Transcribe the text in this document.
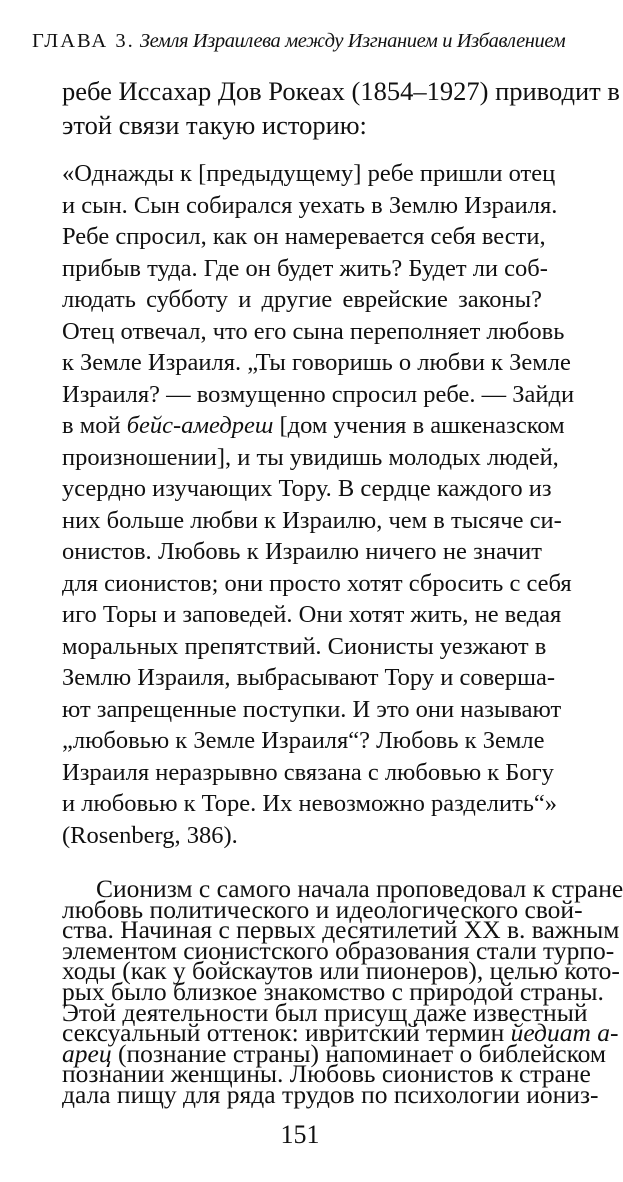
ГЛАВА 3. Земля Израилева между Изгнанием и Избавлением
ребе Иссахар Дов Рокеах (1854–1927) приводит в
этой связи такую историю:
«Однажды к [предыдущему] ребе пришли отец
и сын. Сын собирался уехать в Землю Израиля.
Ребе спросил, как он намеревается себя вести,
прибыв туда. Где он будет жить? Будет ли соб-
людать субботу и другие еврейские законы?
Отец отвечал, что его сына переполняет любовь
к Земле Израиля. „Ты говоришь о любви к Земле
Израиля? — возмущенно спросил ребе. — Зайди
в мой бейс-амедреш [дом учения в ашкеназском
произношении], и ты увидишь молодых людей,
усердно изучающих Тору. В сердце каждого из
них больше любви к Израилю, чем в тысяче си-
онистов. Любовь к Израилю ничего не значит
для сионистов; они просто хотят сбросить с себя
иго Торы и заповедей. Они хотят жить, не ведая
моральных препятствий. Сионисты уезжают в
Землю Израиля, выбрасывают Тору и соверша-
ют запрещенные поступки. И это они называют
„любовью к Земле Израиля“? Любовь к Земле
Израиля неразрывно связана с любовью к Богу
и любовью к Торе. Их невозможно разделить“»
(Rosenberg, 386).
Сионизм с самого начала проповедовал к стране
любовь политического и идеологического свой-
ства. Начиная с первых десятилетий XX в. важным
элементом сионистского образования стали турпо-
ходы (как у бойскаутов или пионеров), целью кото-
рых было близкое знакомство с природой страны.
Этой деятельности был присущ даже известный
сексуальный оттенок: ивритский термин йедиат а-
арец (познание страны) напоминает о библейском
познании женщины. Любовь сионистов к стране
дала пищу для ряда трудов по психологии иониз-
151
